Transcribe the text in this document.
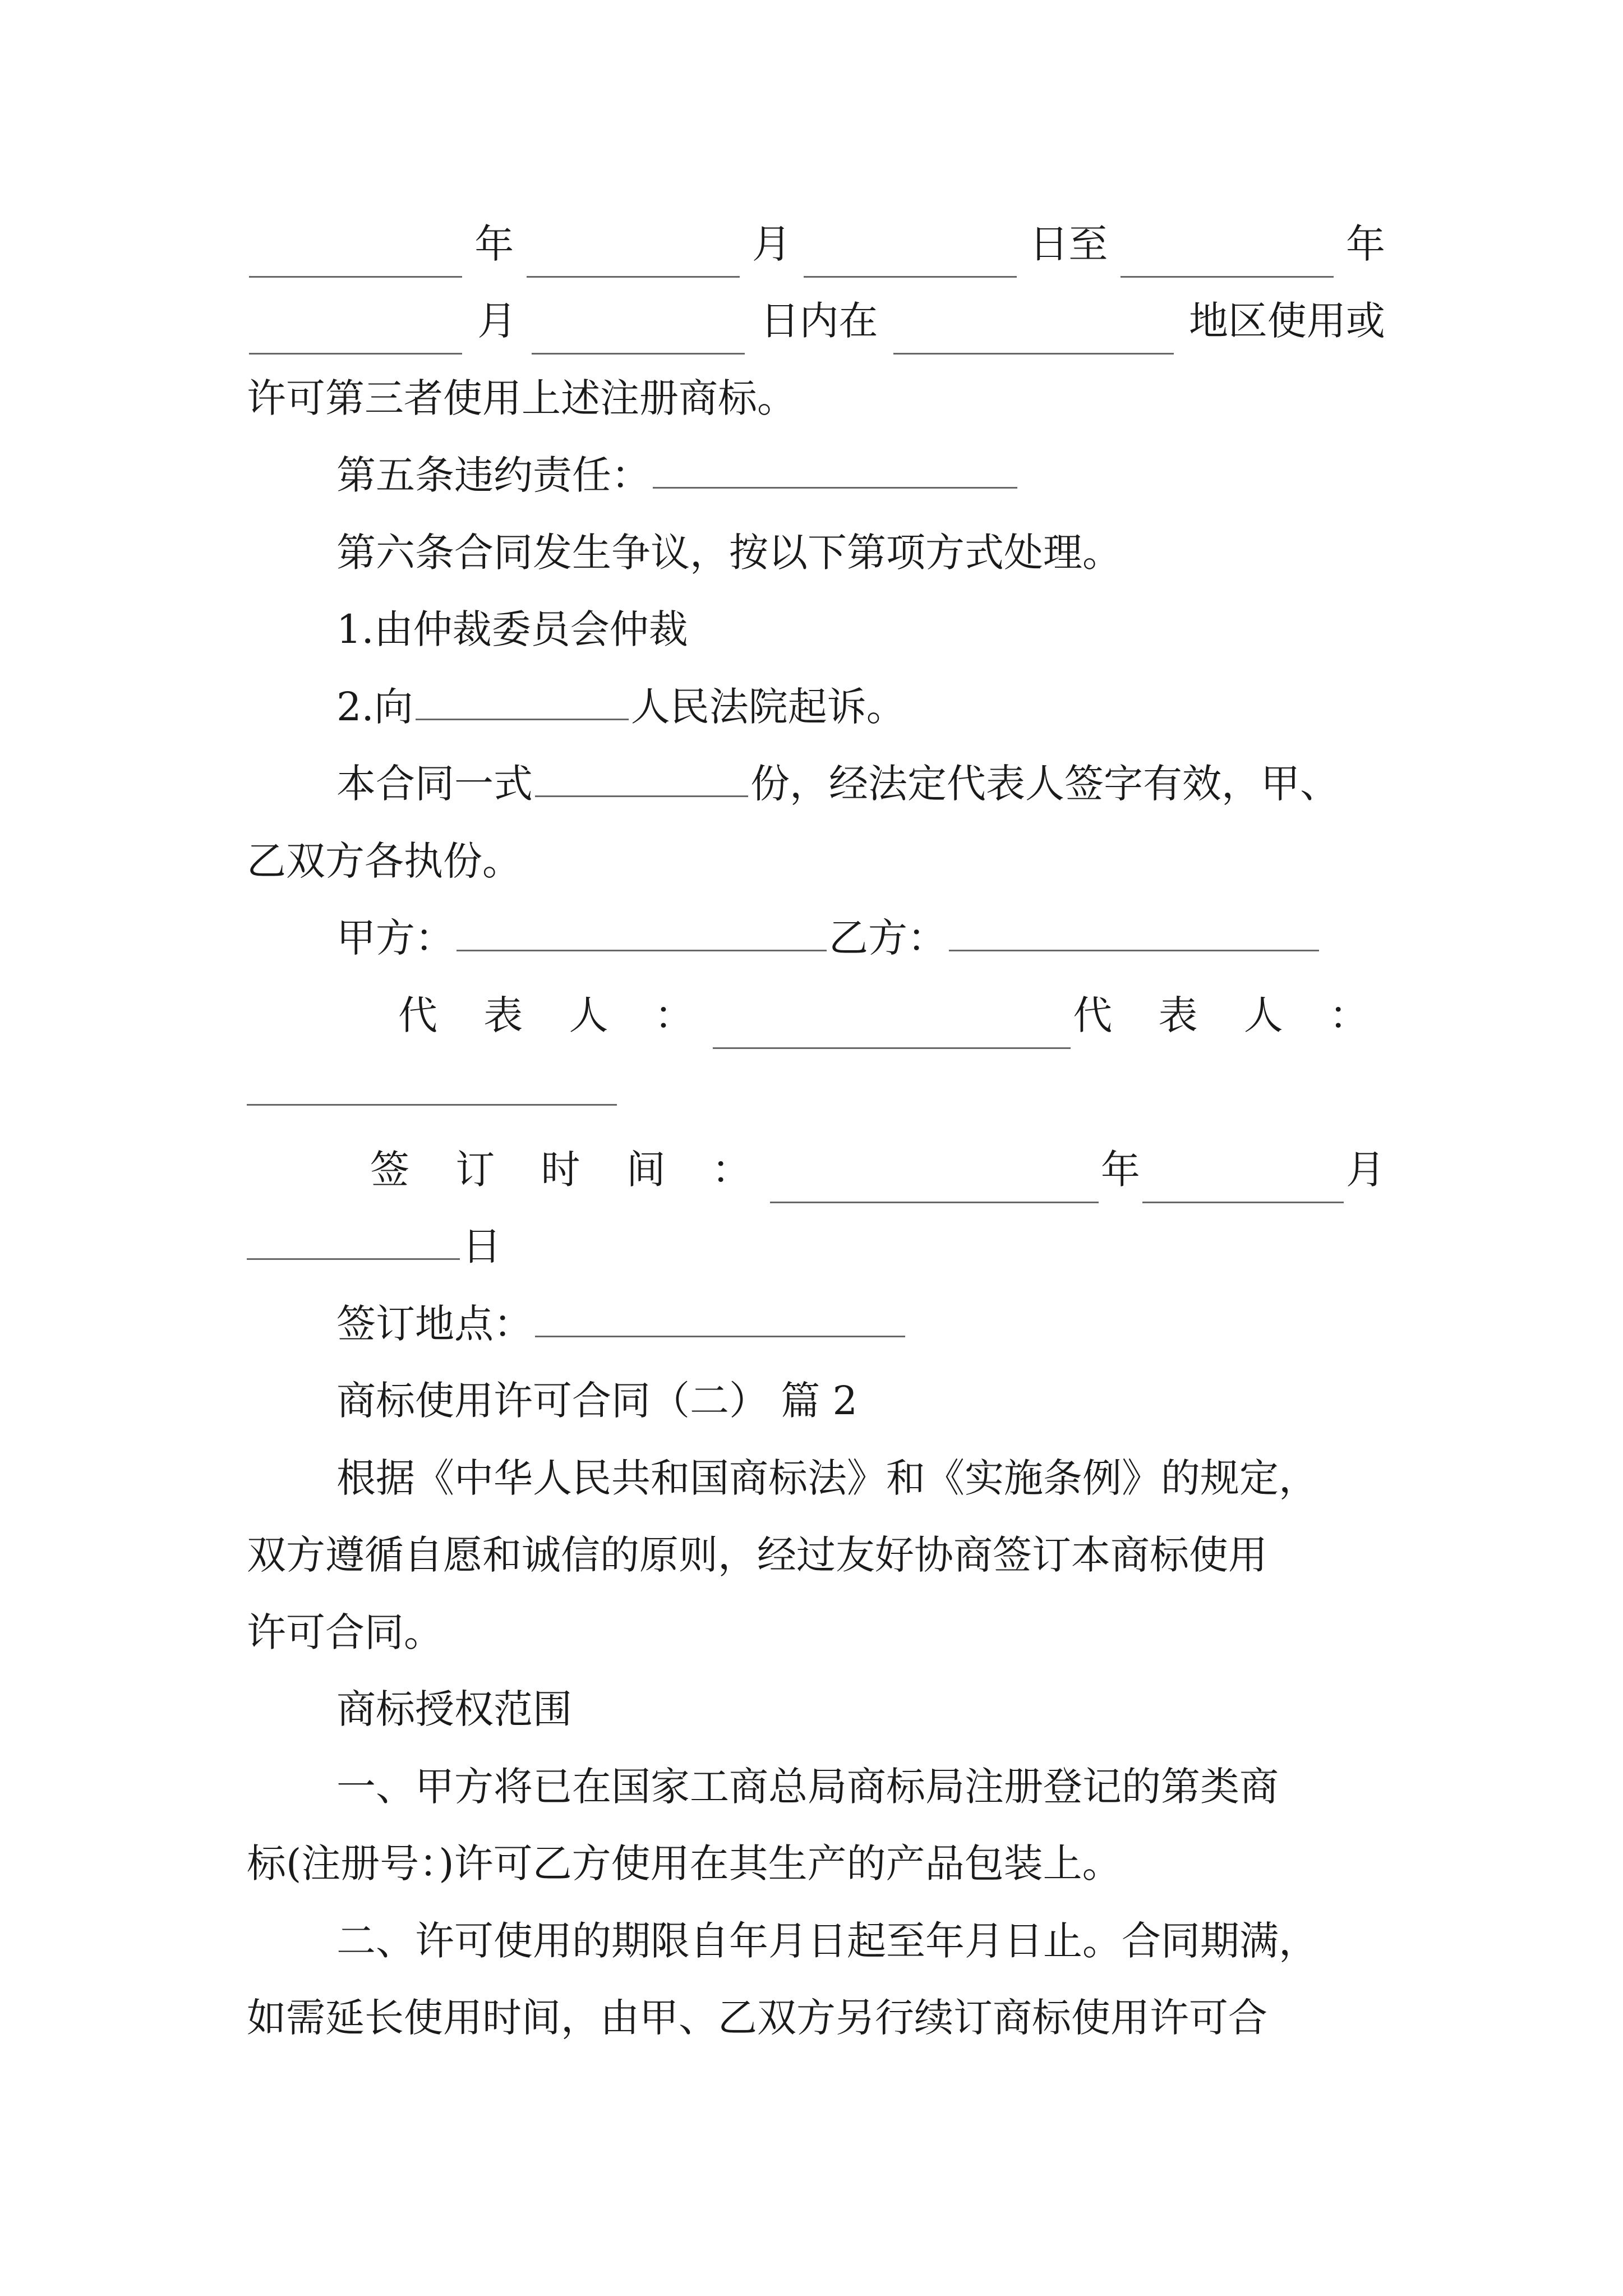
年	月	日至	年
月	日内在	地区使用或
许可第三者使用上述注册商标。
第五条违约责任：
第六条合同发生争议，按以下第项方式处理。
1.由仲裁委员会仲裁
2.向	人民法院起诉。
本合同一式	份，经法定代表人签字有效，甲、
乙双方各执份。
甲方：	乙方：
代 表 人 ：	代 表 人 ：
签 订 时 间 ：	年	月
日
签订地点：
商标使用许可合同（二） 篇 2
根据《中华人民共和国商标法》和《实施条例》的规定，
双方遵循自愿和诚信的原则，经过友好协商签订本商标使用
许可合同。
商标授权范围
一、甲方将已在国家工商总局商标局注册登记的第类商
标(注册号：)许可乙方使用在其生产的产品包装上。
二、许可使用的期限自年月日起至年月日止。合同期满，
如需延长使用时间，由甲、乙双方另行续订商标使用许可合
